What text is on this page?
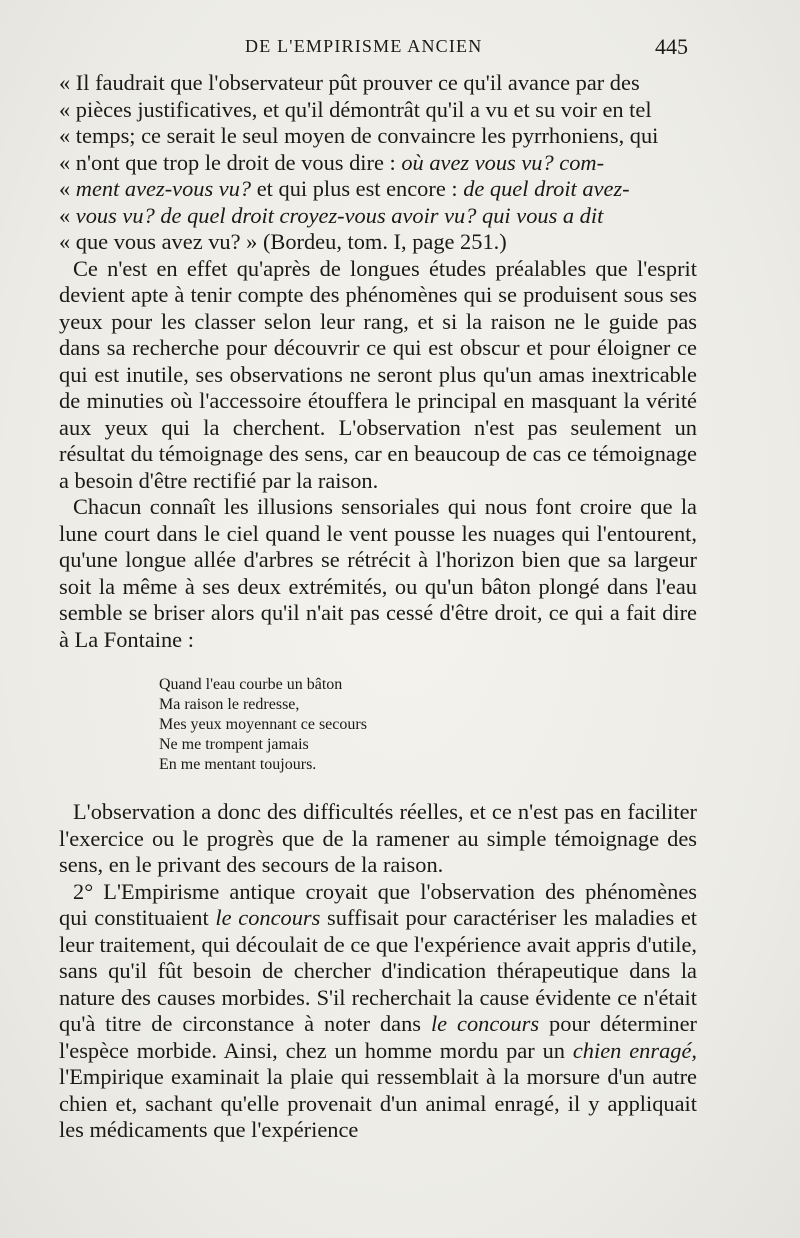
DE L'EMPIRISME ANCIEN	445

« Il faudrait que l'observateur pût prouver ce qu'il avance par des
« pièces justificatives, et qu'il démontrât qu'il a vu et su voir en tel
« temps; ce serait le seul moyen de convaincre les pyrrhoniens, qui
« n'ont que trop le droit de vous dire : où avez vous vu? com-
« ment avez-vous vu? et qui plus est encore : de quel droit avez-
« vous vu? de quel droit croyez-vous avoir vu? qui vous a dit
« que vous avez vu? » (Bordeu, tom. I, page 251.)

Ce n'est en effet qu'après de longues études préalables que l'esprit devient apte à tenir compte des phénomènes qui se produisent sous ses yeux pour les classer selon leur rang, et si la raison ne le guide pas dans sa recherche pour découvrir ce qui est obscur et pour éloigner ce qui est inutile, ses observations ne seront plus qu'un amas inextricable de minuties où l'accessoire étouffera le principal en masquant la vérité aux yeux qui la cherchent. L'observation n'est pas seulement un résultat du témoignage des sens, car en beaucoup de cas ce témoignage a besoin d'être rectifié par la raison.

Chacun connaît les illusions sensoriales qui nous font croire que la lune court dans le ciel quand le vent pousse les nuages qui l'entourent, qu'une longue allée d'arbres se rétrécit à l'horizon bien que sa largeur soit la même à ses deux extrémités, ou qu'un bâton plongé dans l'eau semble se briser alors qu'il n'ait pas cessé d'être droit, ce qui a fait dire à La Fontaine :

Quand l'eau courbe un bâton
Ma raison le redresse,
Mes yeux moyennant ce secours
Ne me trompent jamais
En me mentant toujours.

L'observation a donc des difficultés réelles, et ce n'est pas en faciliter l'exercice ou le progrès que de la ramener au simple témoignage des sens, en le privant des secours de la raison.

2° L'Empirisme antique croyait que l'observation des phénomènes qui constituaient le concours suffisait pour caractériser les maladies et leur traitement, qui découlait de ce que l'expérience avait appris d'utile, sans qu'il fût besoin de chercher d'indication thérapeutique dans la nature des causes morbides. S'il recherchait la cause évidente ce n'était qu'à titre de circonstance à noter dans le concours pour déterminer l'espèce morbide. Ainsi, chez un homme mordu par un chien enragé, l'Empirique examinait la plaie qui ressemblait à la morsure d'un autre chien et, sachant qu'elle provenait d'un animal enragé, il y appliquait les médicaments que l'expérience
